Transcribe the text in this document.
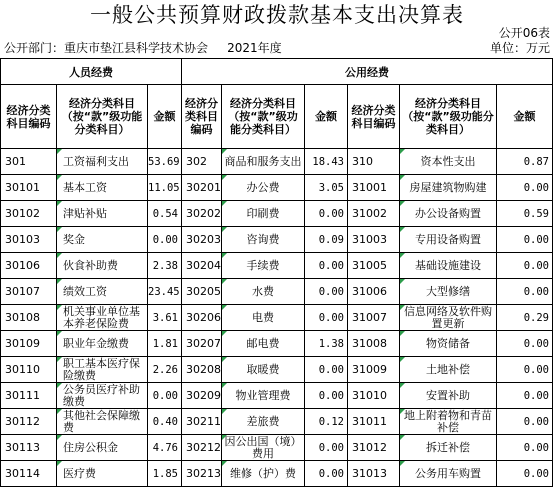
一般公共预算财政拨款基本支出决算表
公开06表
公开部门：重庆市垫江县科学技术协会     2021年度	单位：万元
人员经费			公用经费					
经济分类科目编码	经济分类科目（按“款”级功能分类科目）	金额	经济分类科目编码	经济分类科目（按“款”级功能分类科目）	金额	经济分类科目编码	经济分类科目（按“款”级功能分类科目）	金额
301	工资福利支出	53.69	302	商品和服务支出	18.43	310	资本性支出	0.87
30101	基本工资	11.05	30201	办公费	3.05	31001	房屋建筑物购建	0.00
30102	津贴补贴	0.54	30202	印刷费	0.00	31002	办公设备购置	0.59
30103	奖金	0.00	30203	咨询费	0.09	31003	专用设备购置	0.00
30106	伙食补助费	2.38	30204	手续费	0.00	31005	基础设施建设	0.00
30107	绩效工资	23.45	30205	水费	0.00	31006	大型修缮	0.00
30108	机关事业单位基本养老保险费	3.61	30206	电费	0.00	31007	信息网络及软件购置更新	0.29
30109	职业年金缴费	1.81	30207	邮电费	1.38	31008	物资储备	0.00
30110	职工基本医疗保险缴费	2.26	30208	取暖费	0.00	31009	土地补偿	0.00
30111	公务员医疗补助缴费	0.00	30209	物业管理费	0.00	31010	安置补助	0.00
30112	其他社会保障缴费	0.40	30211	差旅费	0.12	31011	地上附着物和青苗补偿	0.00
30113	住房公积金	4.76	30212	因公出国（境）费用	0.00	31012	拆迁补偿	0.00
30114	医疗费	1.85	30213	维修（护）费	0.00	31013	公务用车购置	0.00
